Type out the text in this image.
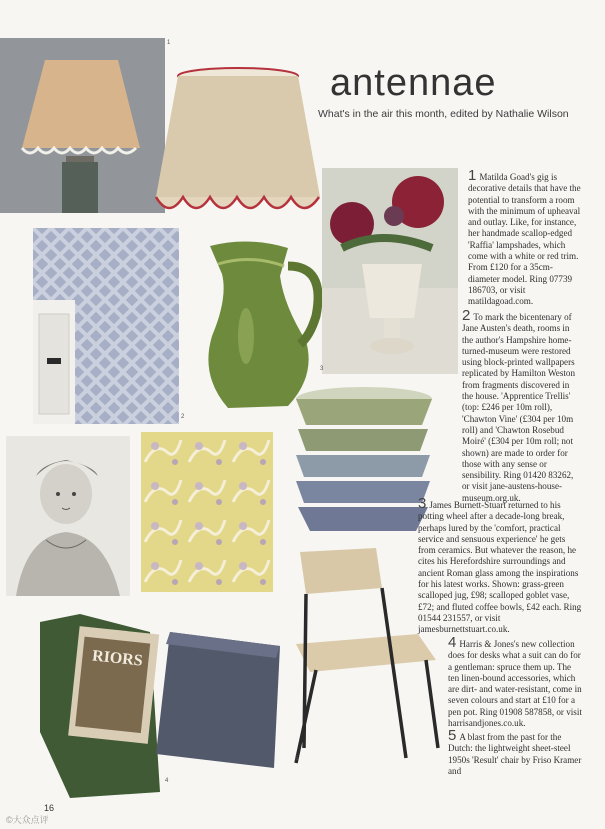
antennae
What's in the air this month, edited by Nathalie Wilson
1
2
3
RIORS
4
5
1 Matilda Goad's gig is decorative details that have the potential to transform a room with the minimum of upheaval and outlay. Like, for instance, her handmade scallop-edged 'Raffia' lampshades, which come with a white or red trim. From £120 for a 35cm-diameter model. Ring 07739 186703, or visit matildagoad.com.
2 To mark the bicentenary of Jane Austen's death, rooms in the author's Hampshire home-turned-museum were restored using block-printed wallpapers replicated by Hamilton Weston from fragments discovered in the house. 'Apprentice Trellis' (top: £246 per 10m roll), 'Chawton Vine' (£304 per 10m roll) and 'Chawton Rosebud Moiré' (£304 per 10m roll; not shown) are made to order for those with any sense or sensibility. Ring 01420 83262, or visit jane-austens-house-museum.org.uk.
3 James Burnett-Stuart returned to his potting wheel after a decade-long break, perhaps lured by the 'comfort, practical service and sensuous experience' he gets from ceramics. But whatever the reason, he cites his Herefordshire surroundings and ancient Roman glass among the inspirations for his latest works. Shown: grass-green scalloped jug, £98; scalloped goblet vase, £72; and fluted coffee bowls, £42 each. Ring 01544 231557, or visit jamesburnettstuart.co.uk.
4 Harris & Jones's new collection does for desks what a suit can do for a gentleman: spruce them up. The ten linen-bound accessories, which are dirt- and water-resistant, come in seven colours and start at £10 for a pen pot. Ring 01908 587858, or visit harrisandjones.co.uk.
5 A blast from the past for the Dutch: the lightweight sheet-steel 1950s 'Result' chair by Friso Kramer and
16
©大众点评
